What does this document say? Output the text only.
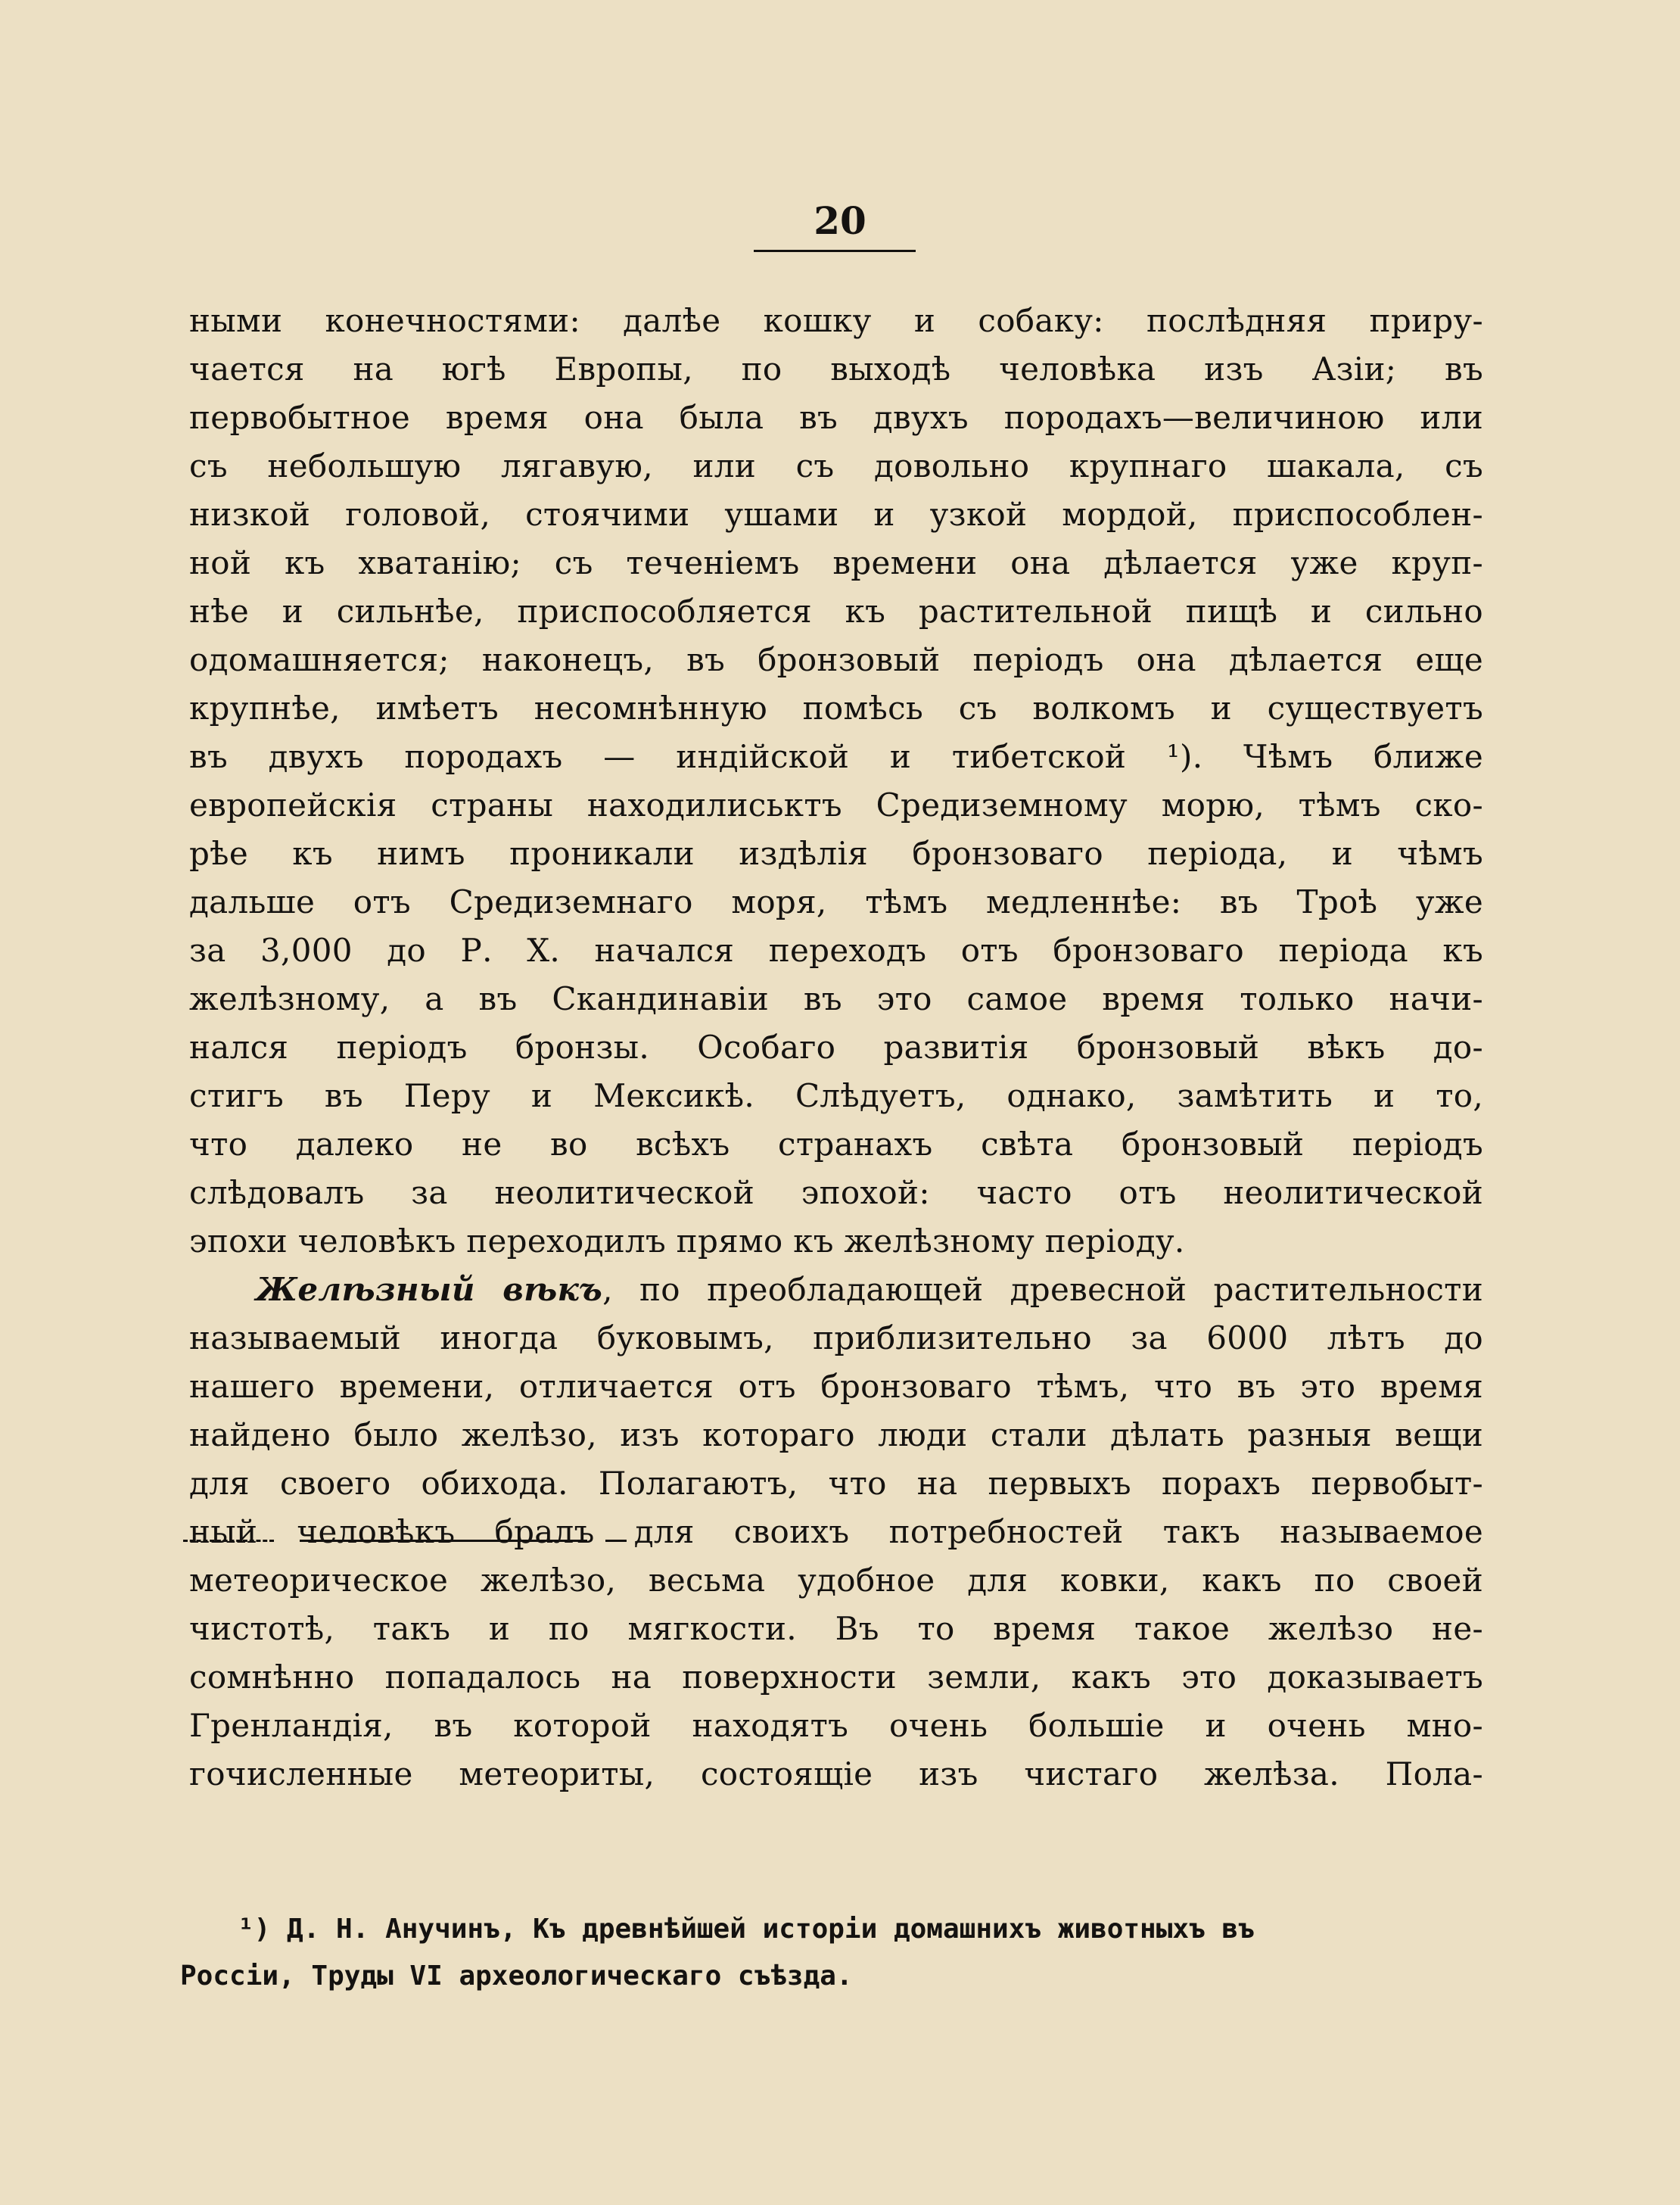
20
ными конечностями: далѣе кошку и собаку: послѣдняя приру-
чается на югѣ Европы, по выходѣ человѣка изъ Азіи; въ
первобытное время она была въ двухъ породахъ—величиною или
съ небольшую лягавую, или съ довольно крупнаго шакала, съ
низкой головой, стоячими ушами и узкой мордой, приспособлен-
ной къ хватанію; съ теченіемъ времени она дѣлается уже круп-
нѣе и сильнѣе, приспособляется къ растительной пищѣ и сильно
одомашняется; наконецъ, въ бронзовый періодъ она дѣлается еще
крупнѣе, имѣетъ несомнѣнную помѣсь съ волкомъ и существуетъ
въ двухъ породахъ — индійской и тибетской ¹). Чѣмъ ближе
европейскія страны находилиськтъ Средиземному морю, тѣмъ ско-
рѣе къ нимъ проникали издѣлія бронзоваго періода, и чѣмъ
дальше отъ Средиземнаго моря, тѣмъ медленнѣе: въ Троѣ уже
за 3,000 до Р. Х. начался переходъ отъ бронзоваго періода къ
желѣзному, а въ Скандинавіи въ это самое время только начи-
нался періодъ бронзы. Особаго развитія бронзовый вѣкъ до-
стигъ въ Перу и Мексикѣ. Слѣдуетъ, однако, замѣтить и то,
что далеко не во всѣхъ странахъ свѣта бронзовый періодъ
слѣдовалъ за неолитической эпохой: часто отъ неолитической
эпохи человѣкъ переходилъ прямо къ желѣзному періоду.
Желѣзный вѣкъ, по преобладающей древесной растительности
называемый иногда буковымъ, приблизительно за 6000 лѣтъ до
нашего времени, отличается отъ бронзоваго тѣмъ, что въ это время
найдено было желѣзо, изъ котораго люди стали дѣлать разныя вещи
для своего обихода. Полагаютъ, что на первыхъ порахъ первобыт-
ный человѣкъ бралъ для своихъ потребностей такъ называемое
метеорическое желѣзо, весьма удобное для ковки, какъ по своей
чистотѣ, такъ и по мягкости. Въ то время такое желѣзо не-
сомнѣнно попадалось на поверхности земли, какъ это доказываетъ
Гренландія, въ которой находятъ очень большіе и очень мно-
гочисленные метеориты, состоящіе изъ чистаго желѣза. Пола-
¹) Д. Н. Анучинъ, Къ древнѣйшей исторіи домашнихъ животныхъ въ
Россіи, Труды VI археологическаго съѣзда.
